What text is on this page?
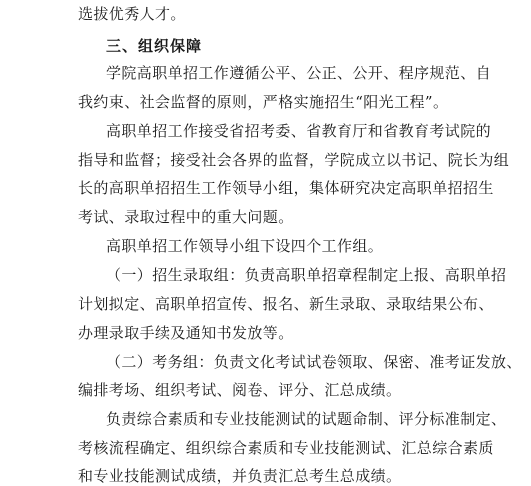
选拔优秀人才。
三、组织保障
学院高职单招工作遵循公平、公正、公开、程序规范、自
我约束、社会监督的原则，严格实施招生“阳光工程”。
高职单招工作接受省招考委、省教育厅和省教育考试院的
指导和监督；接受社会各界的监督，学院成立以书记、院长为组
长的高职单招招生工作领导小组，集体研究决定高职单招招生
考试、录取过程中的重大问题。
高职单招工作领导小组下设四个工作组。
（一）招生录取组：负责高职单招章程制定上报、高职单招
计划拟定、高职单招宣传、报名、新生录取、录取结果公布、
办理录取手续及通知书发放等。
（二）考务组：负责文化考试试卷领取、保密、准考证发放、
编排考场、组织考试、阅卷、评分、汇总成绩。
负责综合素质和专业技能测试的试题命制、评分标准制定、
考核流程确定、组织综合素质和专业技能测试、汇总综合素质
和专业技能测试成绩，并负责汇总考生总成绩。
